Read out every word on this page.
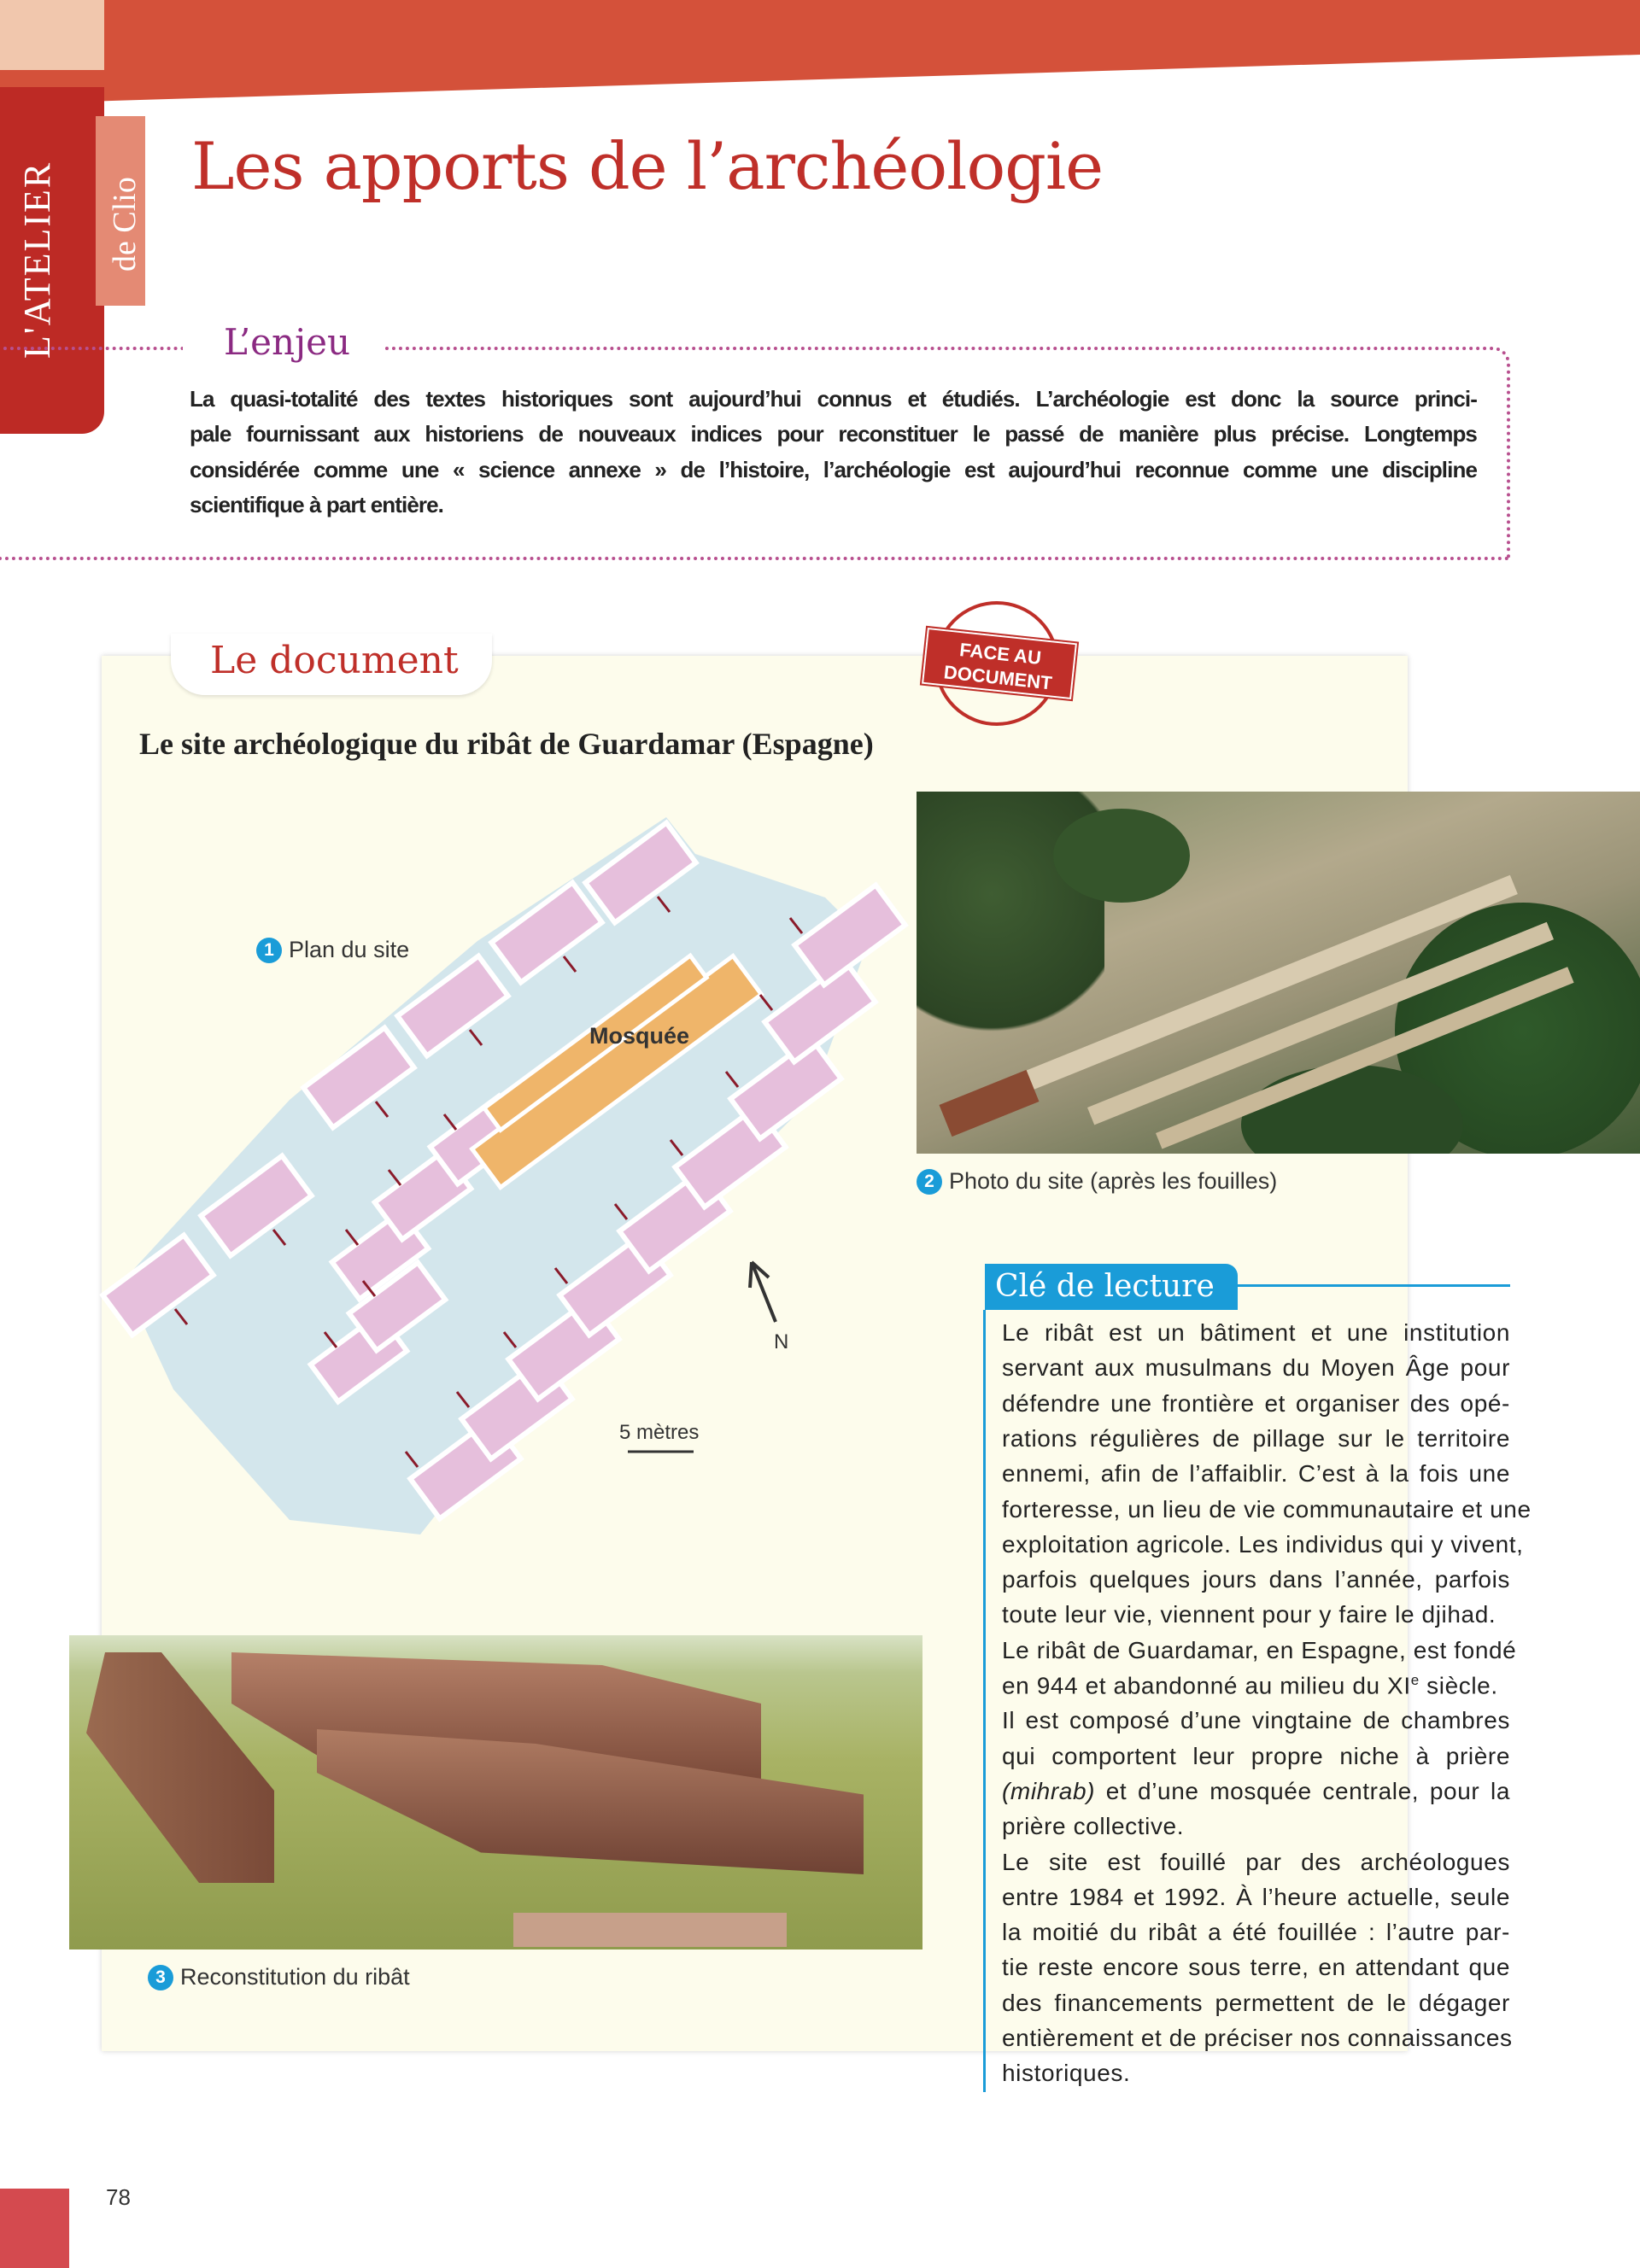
L'ATELIER de Clio
Les apports de l’archéologie
L’enjeu
La quasi-totalité des textes historiques sont aujourd’hui connus et étudiés. L’archéologie est donc la source princi-
pale fournissant aux historiens de nouveaux indices pour reconstituer le passé de manière plus précise. Longtemps
considérée comme une « science annexe » de l’histoire, l’archéologie est aujourd’hui reconnue comme une discipline
scientifique à part entière.
Le document	FACE AU
DOCUMENT
Le site archéologique du ribât de Guardamar (Espagne)
1 Plan du site
Mosquée
N
5 mètres
2 Photo du site (après les fouilles)
3 Reconstitution du ribât
Clé de lecture
Le ribât est un bâtiment et une institution
servant aux musulmans du Moyen Âge pour
défendre une frontière et organiser des opé-
rations régulières de pillage sur le territoire
ennemi, afin de l’affaiblir. C’est à la fois une
forteresse, un lieu de vie communautaire et une
exploitation agricole. Les individus qui y vivent,
parfois quelques jours dans l’année, parfois
toute leur vie, viennent pour y faire le djihad.
Le ribât de Guardamar, en Espagne, est fondé
en 944 et abandonné au milieu du XIe siècle.
Il est composé d’une vingtaine de chambres
qui comportent leur propre niche à prière
(mihrab) et d’une mosquée centrale, pour la
prière collective.
Le site est fouillé par des archéologues
entre 1984 et 1992. À l’heure actuelle, seule
la moitié du ribât a été fouillée : l’autre par-
tie reste encore sous terre, en attendant que
des financements permettent de le dégager
entièrement et de préciser nos connaissances
historiques.
78
